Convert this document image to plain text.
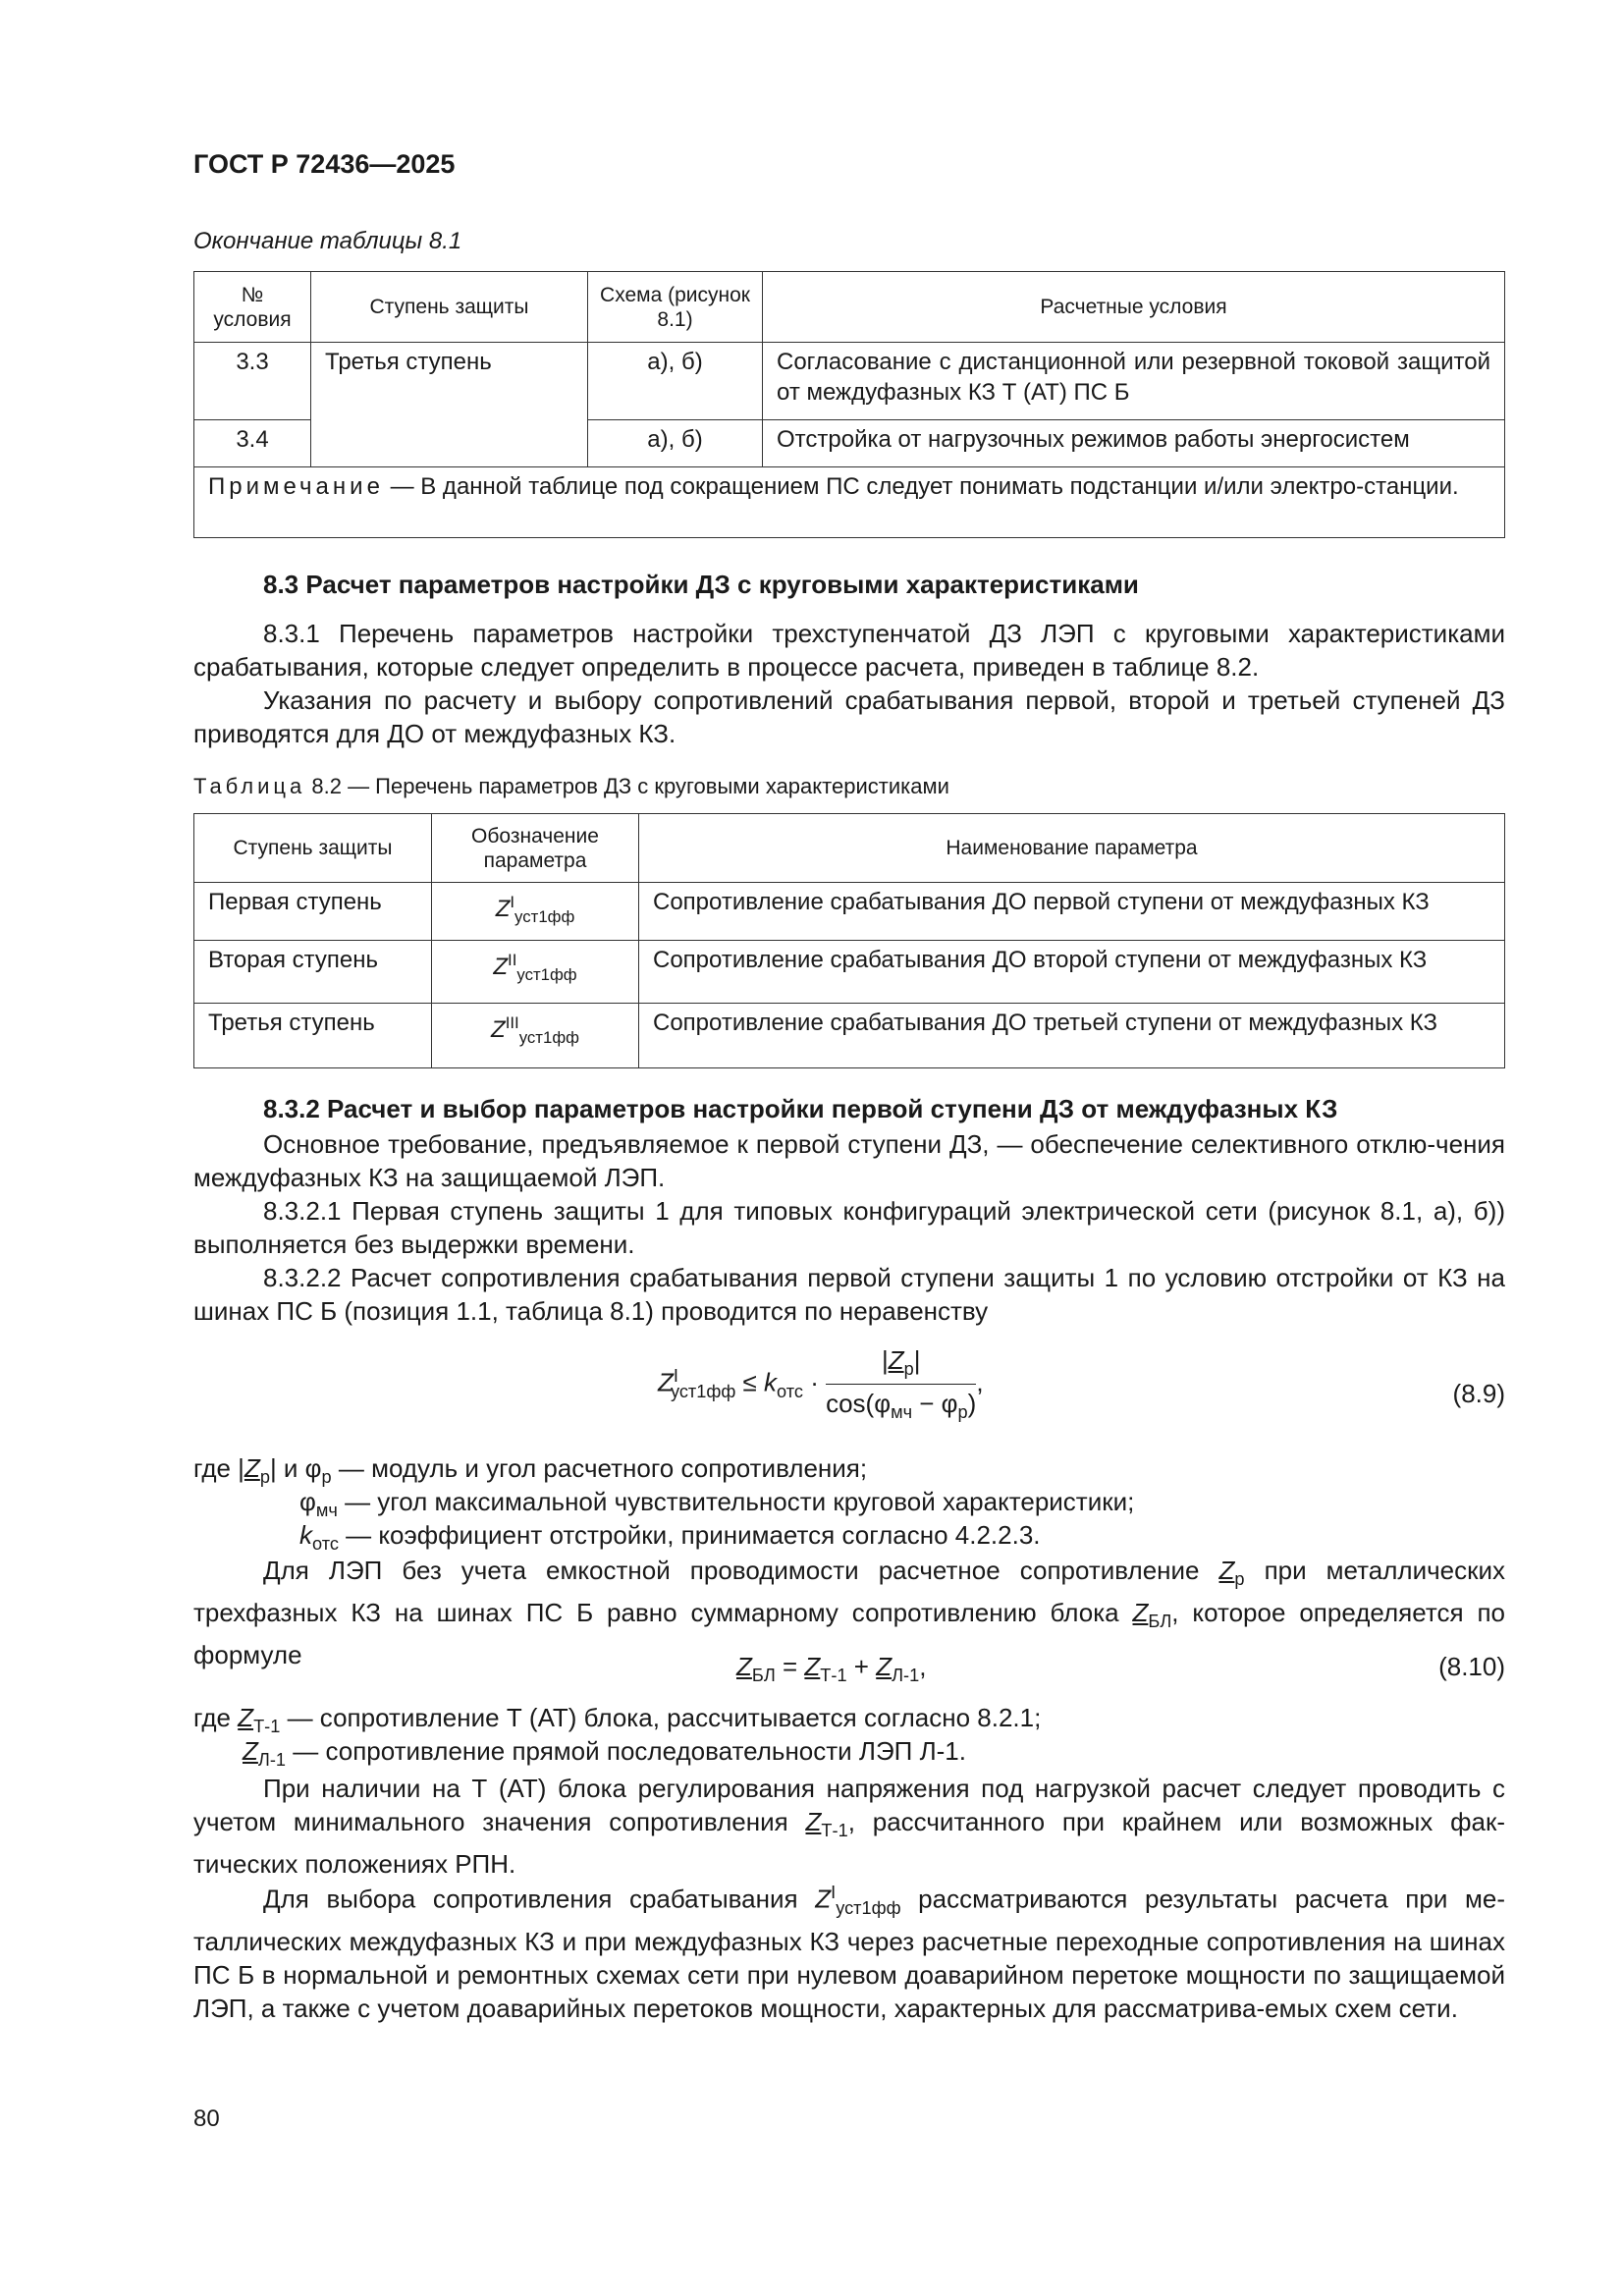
ГОСТ Р 72436—2025
Окончание таблицы 8.1
№ условия	Ступень защиты	Схема (рисунок 8.1)	Расчетные условия
3.3	Третья ступень	а), б)	Согласование с дистанционной или резервной токовой защитой от междуфазных КЗ Т (АТ) ПС Б
3.4		а), б)	Отстройка от нагрузочных режимов работы энергосистем
Примечание — В данной таблице под сокращением ПС следует понимать подстанции и/или электро-станции.			
8.3 Расчет параметров настройки ДЗ с круговыми характеристиками

8.3.1 Перечень параметров настройки трехступенчатой ДЗ ЛЭП с круговыми характеристиками срабатывания, которые следует определить в процессе расчета, приведен в таблице 8.2.

Указания по расчету и выбору сопротивлений срабатывания первой, второй и третьей ступеней ДЗ приводятся для ДО от междуфазных КЗ.

Таблица 8.2 — Перечень параметров ДЗ с круговыми характеристиками
Ступень защиты	Обозначение параметра	Наименование параметра
Первая ступень	$Z^I_{уст1фф}$	Сопротивление срабатывания ДО первой ступени от междуфазных КЗ
Вторая ступень	$Z^{II}_{уст1фф}$	Сопротивление срабатывания ДО второй ступени от междуфазных КЗ
Третья ступень	$Z^{III}_{уст1фф}$	Сопротивление срабатывания ДО третьей ступени от междуфазных КЗ
8.3.2 Расчет и выбор параметров настройки первой ступени ДЗ от междуфазных КЗ

Основное требование, предъявляемое к первой ступени ДЗ, — обеспечение селективного отклю-чения междуфазных КЗ на защищаемой ЛЭП.

8.3.2.1 Первая ступень защиты 1 для типовых конфигураций электрической сети (рисунок 8.1, а), б)) выполняется без выдержки времени.

8.3.2.2 Расчет сопротивления срабатывания первой ступени защиты 1 по условию отстройки от КЗ на шинах ПС Б (позиция 1.1, таблица 8.1) проводится по неравенству

$Z^I_{уст1фф} \le k_{отс} \cdot \frac{|Z_р|}{\cos(\varphi_{мч} - \varphi_р)}$ ,	(8.9)
где $|Z_р|$ и $\varphi_р$ — модуль и угол расчетного сопротивления;
$\varphi_{мч}$ — угол максимальной чувствительности круговой характеристики;
$k_{отс}$ — коэффициент отстройки, принимается согласно 4.2.2.3.

Для ЛЭП без учета емкостной проводимости расчетное сопротивление $Z_р$ при металлических трехфазных КЗ на шинах ПС Б равно суммарному сопротивлению блока $Z_{БЛ}$, которое определяется по формуле	$Z_{БЛ} = Z_{Т-1} + Z_{Л-1}$,	(8.10)
где $Z_{Т-1}$ — сопротивление Т (АТ) блока, рассчитывается согласно 8.2.1;
$Z_{Л-1}$ — сопротивление прямой последовательности ЛЭП Л-1.

При наличии на Т (АТ) блока регулирования напряжения под нагрузкой расчет следует проводить с учетом минимального значения сопротивления $Z_{Т-1}$, рассчитанного при крайнем или возможных фак-тических положениях РПН.

Для выбора сопротивления срабатывания $Z^I_{уст1фф}$ рассматриваются результаты расчета при ме-таллических междуфазных КЗ и при междуфазных КЗ через расчетные переходные сопротивления на шинах ПС Б в нормальной и ремонтных схемах сети при нулевом доаварийном перетоке мощности по защищаемой ЛЭП, а также с учетом доаварийных перетоков мощности, характерных для рассматрива-емых схем сети.

80
